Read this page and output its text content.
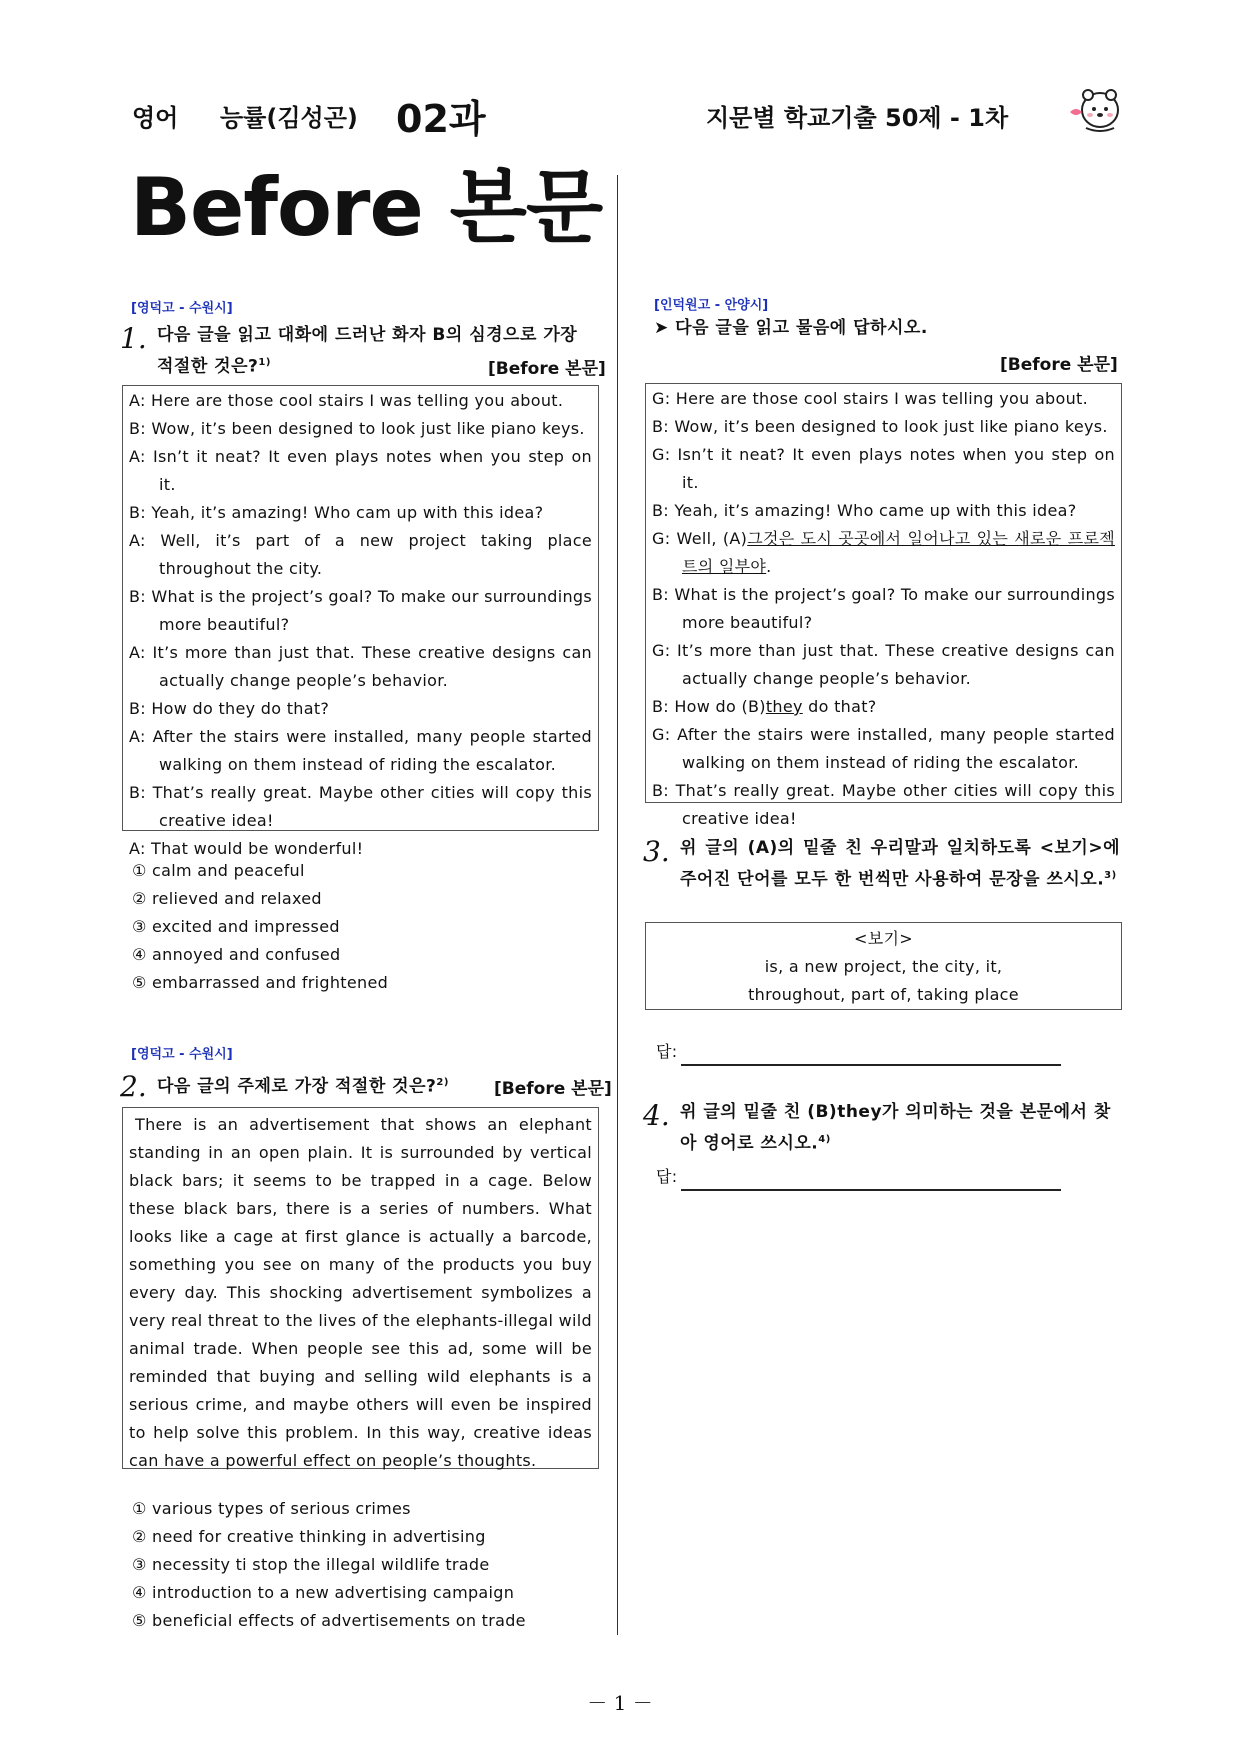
영어 능률(김성곤) 02과	지문별 학교기출 50제 - 1차
Before 본문
[영덕고 - 수원시]
1. 다음 글을 읽고 대화에 드러난 화자 B의 심경으로 가장
적절한 것은?$^{1)}$	[Before 본문]
A: Here are those cool stairs I was telling you about.
B: Wow, it’s been designed to look just like piano keys.
A: Isn’t it neat? It even plays notes when you step on it.
B: Yeah, it’s amazing! Who cam up with this idea?
A: Well, it’s part of a new project taking place throughout the city.
B: What is the project’s goal? To make our surroundings more beautiful?
A: It’s more than just that. These creative designs can actually change people’s behavior.
B: How do they do that?
A: After the stairs were installed, many people started walking on them instead of riding the escalator.
B: That’s really great. Maybe other cities will copy this creative idea!
A: That would be wonderful!
① calm and peaceful
② relieved and relaxed
③ excited and impressed
④ annoyed and confused
⑤ embarrassed and frightened
[영덕고 - 수원시]
2. 다음 글의 주제로 가장 적절한 것은?$^{2)}$	[Before 본문]
There is an advertisement that shows an elephant standing in an open plain. It is surrounded by vertical black bars; it seems to be trapped in a cage. Below these black bars, there is a series of numbers. What looks like a cage at first glance is actually a barcode, something you see on many of the products you buy every day. This shocking advertisement symbolizes a very real threat to the lives of the elephants-illegal wild animal trade. When people see this ad, some will be reminded that buying and selling wild elephants is a serious crime, and maybe others will even be inspired to help solve this problem. In this way, creative ideas can have a powerful effect on people’s thoughts.
① various types of serious crimes
② need for creative thinking in advertising
③ necessity ti stop the illegal wildlife trade
④ introduction to a new advertising campaign
⑤ beneficial effects of advertisements on trade
[인덕원고 - 안양시]
➤ 다음 글을 읽고 물음에 답하시오.
[Before 본문]
G: Here are those cool stairs I was telling you about.
B: Wow, it’s been designed to look just like piano keys.
G: Isn’t it neat? It even plays notes when you step on it.
B: Yeah, it’s amazing! Who came up with this idea?
G: Well, (A)그것은 도시 곳곳에서 일어나고 있는 새로운 프로젝트의 일부야.
B: What is the project’s goal? To make our surroundings more beautiful?
G: It’s more than just that. These creative designs can actually change people’s behavior.
B: How do (B)they do that?
G: After the stairs were installed, many people started walking on them instead of riding the escalator.
B: That’s really great. Maybe other cities will copy this creative idea!
3. 위 글의 (A)의 밑줄 친 우리말과 일치하도록 <보기>에 주어진 단어를 모두 한 번씩만 사용하여 문장을 쓰시오.$^{3)}$
<보기>
is, a new project, the city, it,
throughout, part of, taking place
답:
4. 위 글의 밑줄 친 (B)they가 의미하는 것을 본문에서 찾아 영어로 쓰시오.$^{4)}$
답:
－ 1 －
